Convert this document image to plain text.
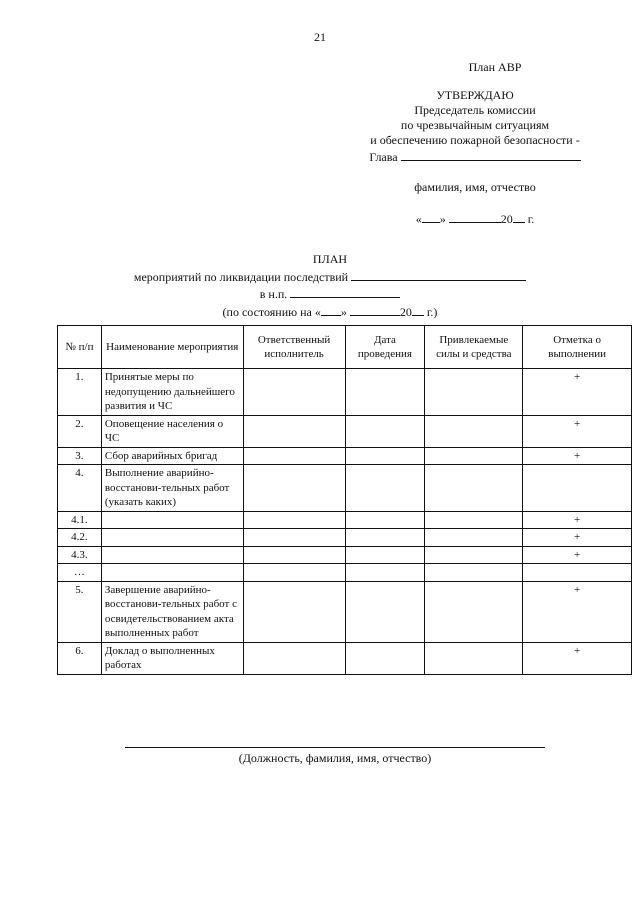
21
План АВР
УТВЕРЖДАЮ
Председатель комиссии
по чрезвычайным ситуациям
и обеспечению пожарной безопасности -
Глава
фамилия, имя, отчество
« »	20 г.
ПЛАН
мероприятий по ликвидации последствий
в н.п.
(по состоянию на « »	20 г.)
№ п/п	Наименование мероприятия	Ответственный исполнитель	Дата проведения	Привлекаемые силы и средства	Отметка о выполнении
1.	Принятые меры по недопущению дальнейшего развития и ЧС				+
2.	Оповещение населения о ЧС				+
3.	Сбор аварийных бригад				+
4.	Выполнение аварийно-восстанови-тельных работ (указать каких)				
4.1.					+
4.2.					+
4.3.					+
…					
5.	Завершение аварийно-восстанови-тельных работ с освидетельствованием акта выполненных работ				+
6.	Доклад о выполненных работах				+
(Должность, фамилия, имя, отчество)
